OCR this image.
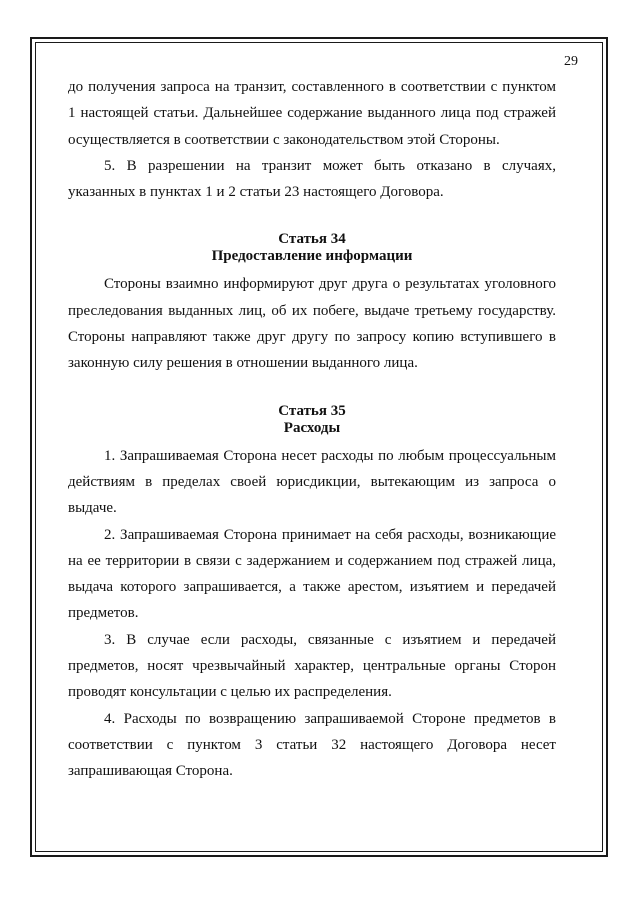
29

до получения запроса на транзит, составленного в соответствии с пунктом 1 настоящей статьи. Дальнейшее содержание выданного лица под стражей осуществляется в соответствии с законодательством этой Стороны.

5. В разрешении на транзит может быть отказано в случаях, указанных в пунктах 1 и 2 статьи 23 настоящего Договора.

Статья 34

Предоставление информации

Стороны взаимно информируют друг друга о результатах уголовного преследования выданных лиц, об их побеге, выдаче третьему государству. Стороны направляют также друг другу по запросу копию вступившего в законную силу решения в отношении выданного лица.

Статья 35

Расходы

1. Запрашиваемая Сторона несет расходы по любым процессуальным действиям в пределах своей юрисдикции, вытекающим из запроса о выдаче.

2. Запрашиваемая Сторона принимает на себя расходы, возникающие на ее территории в связи с задержанием и содержанием под стражей лица, выдача которого запрашивается, а также арестом, изъятием и передачей предметов.

3. В случае если расходы, связанные с изъятием и передачей предметов, носят чрезвычайный характер, центральные органы Сторон проводят консультации с целью их распределения.

4. Расходы по возвращению запрашиваемой Стороне предметов в соответствии с пунктом 3 статьи 32 настоящего Договора несет запрашивающая Сторона.
